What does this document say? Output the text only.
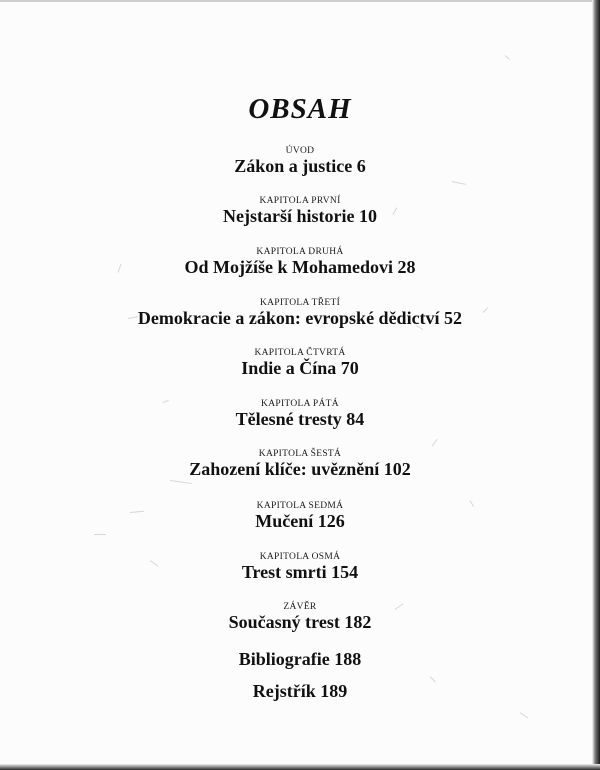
OBSAH
ÚVOD
Zákon a justice 6
KAPITOLA PRVNÍ
Nejstarší historie 10
KAPITOLA DRUHÁ
Od Mojžíše k Mohamedovi 28
KAPITOLA TŘETÍ
Demokracie a zákon: evropské dědictví 52
KAPITOLA ČTVRTÁ
Indie a Čína 70
KAPITOLA PÁTÁ
Tělesné tresty 84
KAPITOLA ŠESTÁ
Zahození klíče: uvěznění 102
KAPITOLA SEDMÁ
Mučení 126
KAPITOLA OSMÁ
Trest smrti 154
ZÁVĚR
Současný trest 182
Bibliografie 188
Rejstřík 189
